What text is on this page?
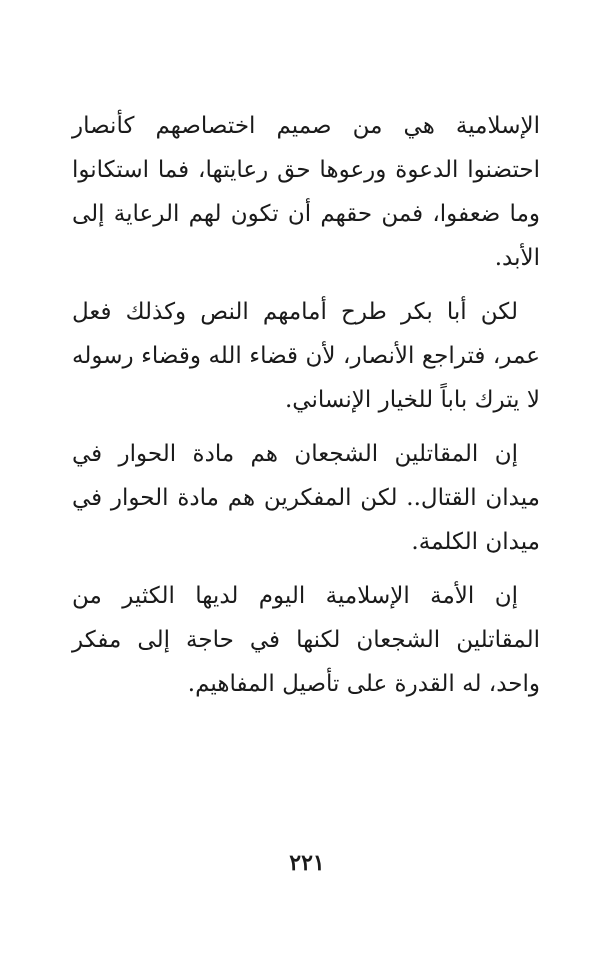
الإسلامية هي من صميم اختصاصهم كأنصار احتضنوا الدعوة ورعوها حق رعايتها، فما استكانوا وما ضعفوا، فمن حقهم أن تكون لهم الرعاية إلى الأبد.

لكن أبا بكر طرح أمامهم النص وكذلك فعل عمر، فتراجع الأنصار، لأن قضاء الله وقضاء رسوله لا يترك باباً للخيار الإنساني.

إن المقاتلين الشجعان هم مادة الحوار في ميدان القتال.. لكن المفكرين هم مادة الحوار في ميدان الكلمة.

إن الأمة الإسلامية اليوم لديها الكثير من المقاتلين الشجعان لكنها في حاجة إلى مفكر واحد، له القدرة على تأصيل المفاهيم.

٢٢١
